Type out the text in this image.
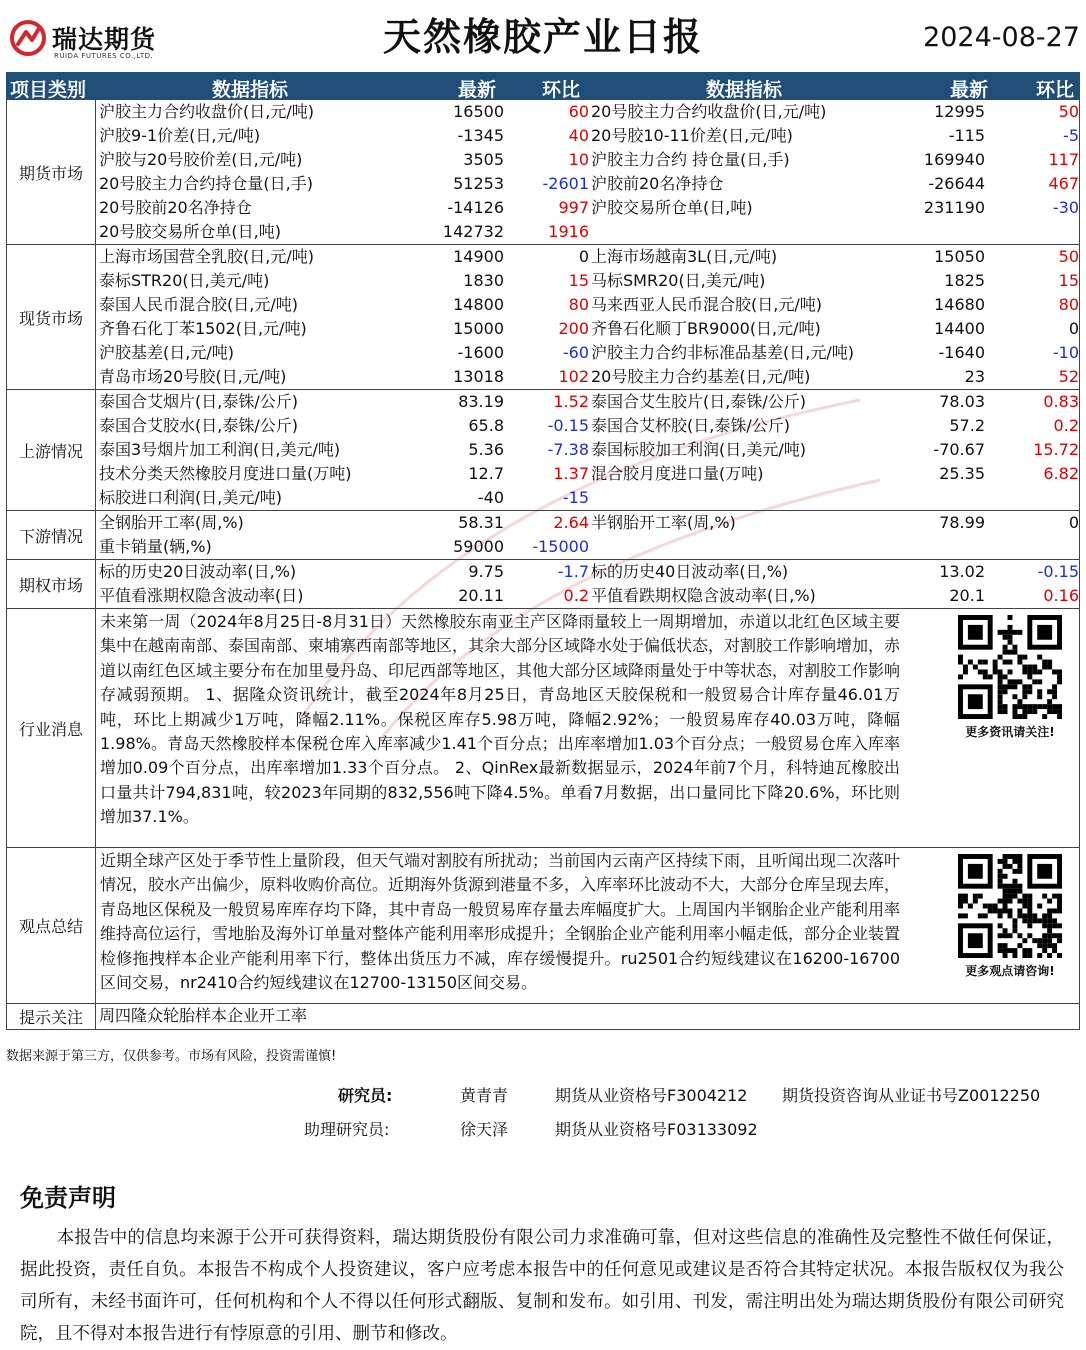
瑞达期货
RUIDA FUTURES CO.,LTD.	天然橡胶产业日报	2024-08-27
项目类别	数据指标	最新 环比	数据指标	最新	环比
期货市场
沪胶主力合约收盘价(日,元/吨)	16500	60 20号胶主力合约收盘价(日,元/吨)	12995	50
沪胶9-1价差(日,元/吨)	-1345	40 20号胶10-11价差(日,元/吨)	-115	-5
沪胶与20号胶价差(日,元/吨)	3505	10 沪胶主力合约 持仓量(日,手)	169940	117
20号胶主力合约持仓量(日,手)	51253 -2601 沪胶前20名净持仓	-26644	467
20号胶前20名净持仓	-14126	997 沪胶交易所仓单(日,吨)	231190	-30
20号胶交易所仓单(日,吨)	142732	1916
现货市场
上海市场国营全乳胶(日,元/吨)	14900	0 上海市场越南3L(日,元/吨)	15050	50
泰标STR20(日,美元/吨)	1830	15 马标SMR20(日,美元/吨)	1825	15
泰国人民币混合胶(日,元/吨)	14800	80 马来西亚人民币混合胶(日,元/吨)	14680	80
齐鲁石化丁苯1502(日,元/吨)	15000	200 齐鲁石化顺丁BR9000(日,元/吨)	14400	0
沪胶基差(日,元/吨)	-1600	-60 沪胶主力合约非标准品基差(日,元/吨)	-1640	-10
青岛市场20号胶(日,元/吨)	13018	102 20号胶主力合约基差(日,元/吨)	23	52
上游情况
泰国合艾烟片(日,泰铢/公斤)	83.19	1.52 泰国合艾生胶片(日,泰铢/公斤)	78.03	0.83
泰国合艾胶水(日,泰铢/公斤)	65.8	-0.15 泰国合艾杯胶(日,泰铢/公斤)	57.2	0.2
泰国3号烟片加工利润(日,美元/吨)	5.36	-7.38 泰国标胶加工利润(日,美元/吨)	-70.67	15.72
技术分类天然橡胶月度进口量(万吨)	12.7	1.37 混合胶月度进口量(万吨)	25.35	6.82
标胶进口利润(日,美元/吨)	-40	-15
下游情况
全钢胎开工率(周,%)	58.31	2.64 半钢胎开工率(周,%)	78.99	0
重卡销量(辆,%)	59000 -15000
期权市场
标的历史20日波动率(日,%)	9.75	-1.7 标的历史40日波动率(日,%)	13.02	-0.15
平值看涨期权隐含波动率(日)	20.11	0.2 平值看跌期权隐含波动率(日,%)	20.1	0.16
行业消息
未来第一周（2024年8月25日-8月31日）天然橡胶东南亚主产区降雨量较上一周期增加，赤道以北红色区域主要集中在越南南部、泰国南部、柬埔寨西南部等地区，其余大部分区域降水处于偏低状态，对割胶工作影响增加，赤道以南红色区域主要分布在加里曼丹岛、印尼西部等地区，其他大部分区域降雨量处于中等状态，对割胶工作影响存减弱预期。 1、据隆众资讯统计，截至2024年8月25日，青岛地区天胶保税和一般贸易合计库存量46.01万吨，环比上期减少1万吨，降幅2.11%。保税区库存5.98万吨，降幅2.92%；一般贸易库存40.03万吨，降幅1.98%。青岛天然橡胶样本保税仓库入库率减少1.41个百分点；出库率增加1.03个百分点；一般贸易仓库入库率增加0.09个百分点，出库率增加1.33个百分点。 2、QinRex最新数据显示，2024年前7个月，科特迪瓦橡胶出口量共计794,831吨，较2023年同期的832,556吨下降4.5%。单看7月数据，出口量同比下降20.6%，环比则增加37.1%。
更多资讯请关注!
观点总结
近期全球产区处于季节性上量阶段，但天气端对割胶有所扰动；当前国内云南产区持续下雨，且听闻出现二次落叶情况，胶水产出偏少，原料收购价高位。近期海外货源到港量不多，入库率环比波动不大，大部分仓库呈现去库，青岛地区保税及一般贸易库库存均下降，其中青岛一般贸易库存量去库幅度扩大。上周国内半钢胎企业产能利用率维持高位运行，雪地胎及海外订单量对整体产能利用率形成提升；全钢胎企业产能利用率小幅走低，部分企业装置检修拖拽样本企业产能利用率下行，整体出货压力不减，库存缓慢提升。ru2501合约短线建议在16200-16700区间交易，nr2410合约短线建议在12700-13150区间交易。
更多观点请咨询!
提示关注	周四隆众轮胎样本企业开工率
数据来源于第三方，仅供参考。市场有风险，投资需谨慎!
研究员:	黄青青	期货从业资格号F3004212 期货投资咨询从业证书号Z0012250
助理研究员:	徐天泽	期货从业资格号F03133092
免责声明
本报告中的信息均来源于公开可获得资料，瑞达期货股份有限公司力求准确可靠，但对这些信息的准确性及完整性不做任何保证，据此投资，责任自负。本报告不构成个人投资建议，客户应考虑本报告中的任何意见或建议是否符合其特定状况。本报告版权仅为我公司所有，未经书面许可，任何机构和个人不得以任何形式翻版、复制和发布。如引用、刊发，需注明出处为瑞达期货股份有限公司研究院，且不得对本报告进行有悖原意的引用、删节和修改。
